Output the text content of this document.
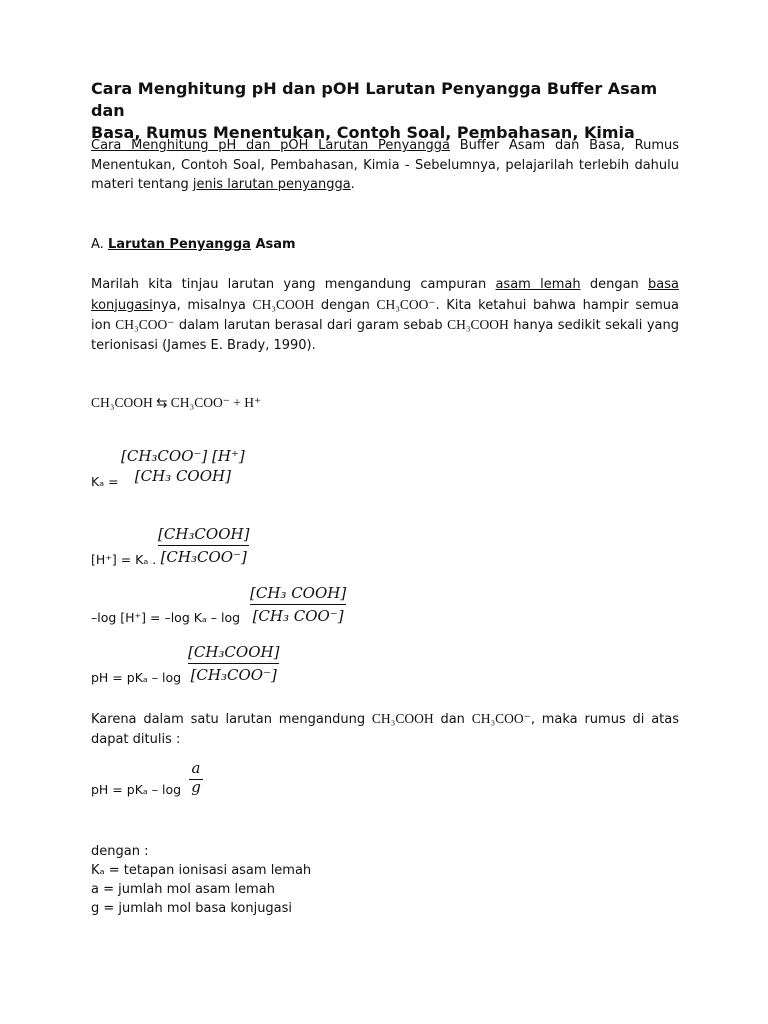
Cara Menghitung pH dan pOH Larutan Penyangga Buffer Asam dan
Basa, Rumus Menentukan, Contoh Soal, Pembahasan, Kimia
Cara Menghitung pH dan pOH Larutan Penyangga Buffer Asam dan Basa, Rumus Menentukan, Contoh Soal, Pembahasan, Kimia - Sebelumnya, pelajarilah terlebih dahulu materi tentang jenis larutan penyangga.
A. Larutan Penyangga Asam
Marilah kita tinjau larutan yang mengandung campuran asam lemah dengan basa konjugasinya, misalnya CH₃COOH dengan CH₃COO⁻. Kita ketahui bahwa hampir semua ion CH₃COO⁻ dalam larutan berasal dari garam sebab CH₃COOH hanya sedikit sekali yang terionisasi (James E. Brady, 1990).
CH₃COOH ⇆ CH₃COO⁻ + H⁺
Kₐ =
[CH₃COO⁻] [H⁺]
[CH₃ COOH]
[H⁺] = Kₐ .
[CH₃COOH]
[CH₃COO⁻]
–log [H⁺] = –log Kₐ – log
[CH₃ COOH]
[CH₃ COO⁻]
pH = pKₐ – log
[CH₃COOH]
[CH₃COO⁻]
Karena dalam satu larutan mengandung CH₃COOH dan CH₃COO⁻, maka rumus di atas dapat ditulis :
pH = pKₐ – log
a
g
dengan :
Kₐ = tetapan ionisasi asam lemah
a = jumlah mol asam lemah
g = jumlah mol basa konjugasi
